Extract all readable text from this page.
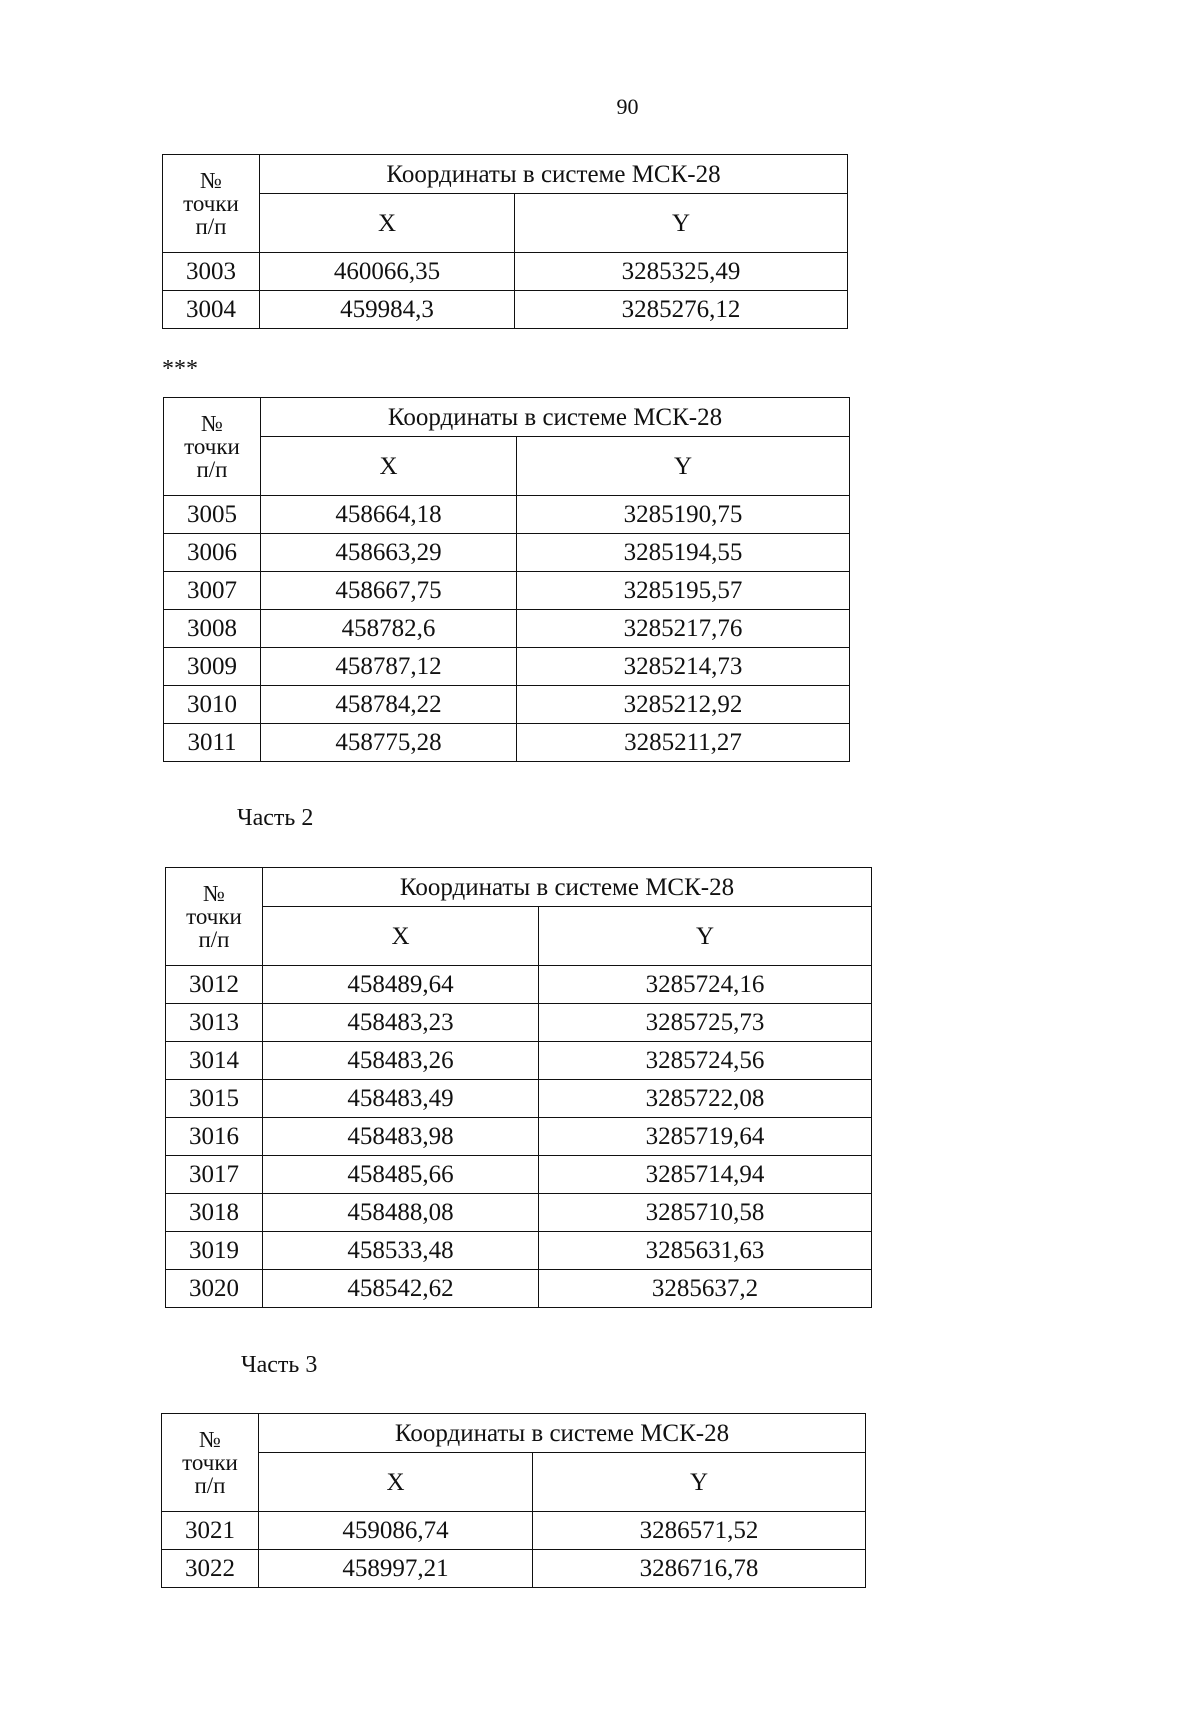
90
№
точки
п/п	Координаты в системе МСК-28	
	X	Y
3003	460066,35	3285325,49
3004	459984,3	3285276,12
***
№
точки
п/п	Координаты в системе МСК-28	
	X	Y
3005	458664,18	3285190,75
3006	458663,29	3285194,55
3007	458667,75	3285195,57
3008	458782,6	3285217,76
3009	458787,12	3285214,73
3010	458784,22	3285212,92
3011	458775,28	3285211,27
Часть 2
№
точки
п/п	Координаты в системе МСК-28	
	X	Y
3012	458489,64	3285724,16
3013	458483,23	3285725,73
3014	458483,26	3285724,56
3015	458483,49	3285722,08
3016	458483,98	3285719,64
3017	458485,66	3285714,94
3018	458488,08	3285710,58
3019	458533,48	3285631,63
3020	458542,62	3285637,2
Часть 3
№
точки
п/п	Координаты в системе МСК-28	
	X	Y
3021	459086,74	3286571,52
3022	458997,21	3286716,78
